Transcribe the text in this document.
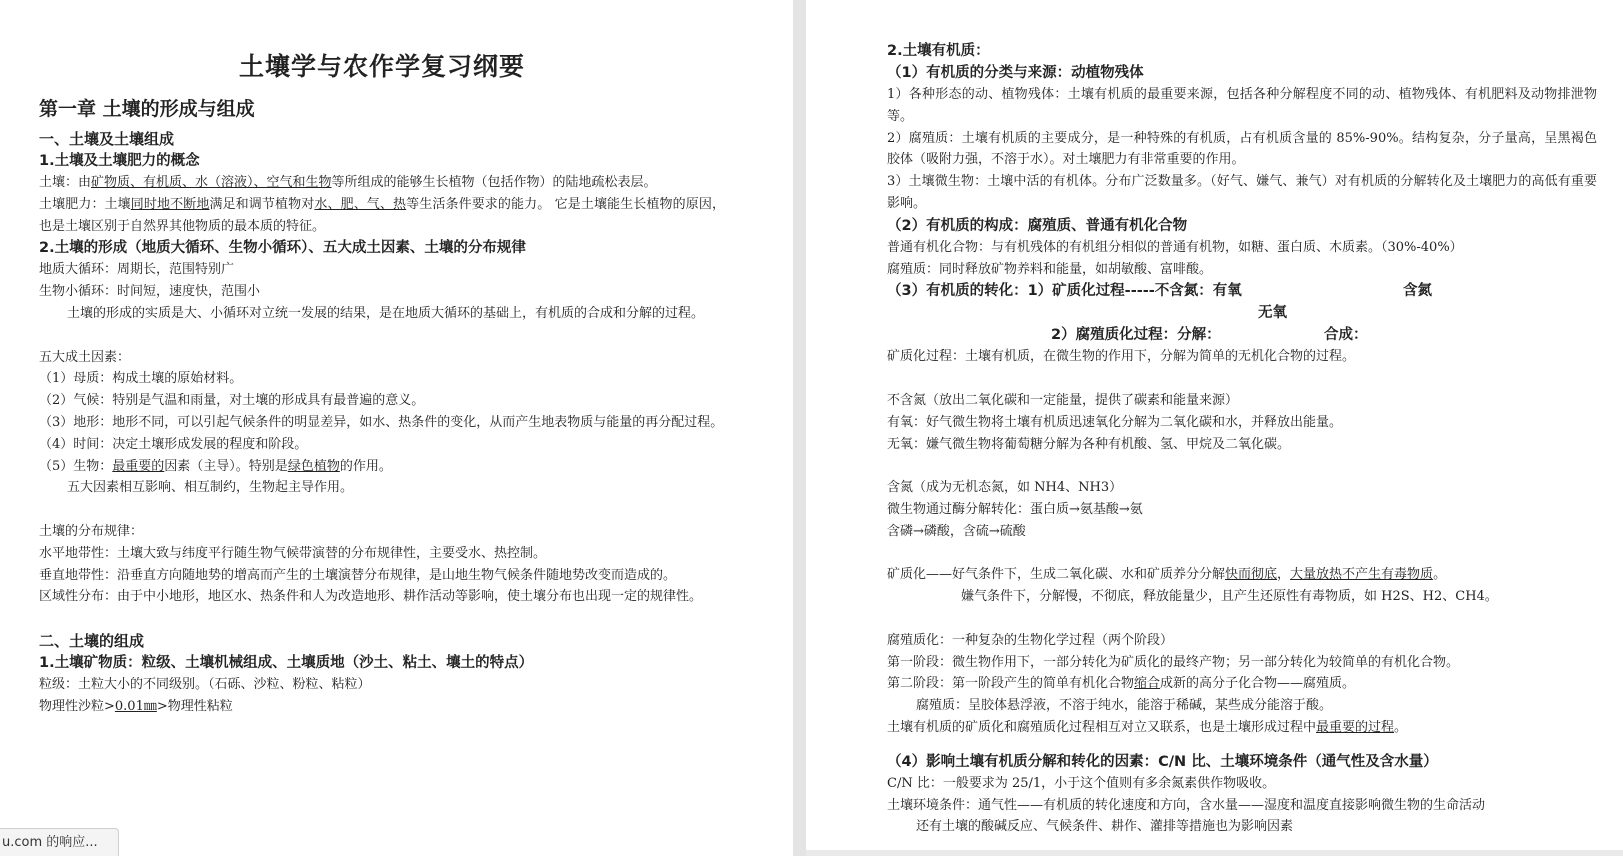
土壤学与农作学复习纲要
第一章 土壤的形成与组成
一、土壤及土壤组成
1.土壤及土壤肥力的概念
土壤：由矿物质、有机质、水（溶液）、空气和生物等所组成的能够生长植物（包括作物）的陆地疏松表层。
土壤肥力：土壤同时地不断地满足和调节植物对水、肥、气、热等生活条件要求的能力。 它是土壤能生长植物的原因，也是土壤区别于自然界其他物质的最本质的特征。
2.土壤的形成（地质大循环、生物小循环）、五大成土因素、土壤的分布规律
地质大循环：周期长，范围特别广
生物小循环：时间短，速度快，范围小
土壤的形成的实质是大、小循环对立统一发展的结果，是在地质大循环的基础上，有机质的合成和分解的过程。
五大成土因素：
（1）母质：构成土壤的原始材料。
（2）气候：特别是气温和雨量，对土壤的形成具有最普遍的意义。
（3）地形：地形不同，可以引起气候条件的明显差异，如水、热条件的变化，从而产生地表物质与能量的再分配过程。
（4）时间：决定土壤形成发展的程度和阶段。
（5）生物：最重要的因素（主导）。特别是绿色植物的作用。
五大因素相互影响、相互制约，生物起主导作用。
土壤的分布规律：
水平地带性：土壤大致与纬度平行随生物气候带演替的分布规律性，主要受水、热控制。
垂直地带性：沿垂直方向随地势的增高而产生的土壤演替分布规律，是山地生物气候条件随地势改变而造成的。
区域性分布：由于中小地形，地区水、热条件和人为改造地形、耕作活动等影响，使土壤分布也出现一定的规律性。
二、土壤的组成
1.土壤矿物质：粒级、土壤机械组成、土壤质地（沙土、粘土、壤土的特点）
粒级：土粒大小的不同级别。（石砾、沙粒、粉粒、粘粒）
物理性沙粒>0.01㎜>物理性粘粒
u.com 的响应...
2.土壤有机质：
（1）有机质的分类与来源：动植物残体
1）各种形态的动、植物残体：土壤有机质的最重要来源，包括各种分解程度不同的动、植物残体、有机肥料及动物排泄物等。
2）腐殖质：土壤有机质的主要成分，是一种特殊的有机质，占有机质含量的 85%-90%。结构复杂，分子量高，呈黑褐色胶体（吸附力强，不溶于水）。对土壤肥力有非常重要的作用。
3）土壤微生物：土壤中活的有机体。分布广泛数量多。（好气、嫌气、兼气）对有机质的分解转化及土壤肥力的高低有重要影响。
（2）有机质的构成：腐殖质、普通有机化合物
普通有机化合物：与有机残体的有机组分相似的普通有机物，如糖、蛋白质、木质素。（30%-40%）
腐殖质：同时释放矿物养料和能量，如胡敏酸、富啡酸。
（3）有机质的转化：1）矿质化过程-----不含氮：有氧	含氮
无氧
2）腐殖质化过程：分解：	合成：
矿质化过程：土壤有机质，在微生物的作用下，分解为简单的无机化合物的过程。
不含氮（放出二氧化碳和一定能量，提供了碳素和能量来源）
有氧：好气微生物将土壤有机质迅速氧化分解为二氧化碳和水，并释放出能量。
无氧：嫌气微生物将葡萄糖分解为各种有机酸、氢、甲烷及二氧化碳。
含氮（成为无机态氮，如 NH4、NH3）
微生物通过酶分解转化：蛋白质→氨基酸→氨
含磷→磷酸，含硫→硫酸
矿质化——好气条件下，生成二氧化碳、水和矿质养分分解快而彻底，大量放热不产生有毒物质。
嫌气条件下，分解慢，不彻底，释放能量少，且产生还原性有毒物质，如 H2S、H2、CH4。
腐殖质化：一种复杂的生物化学过程（两个阶段）
第一阶段：微生物作用下，一部分转化为矿质化的最终产物；另一部分转化为较简单的有机化合物。
第二阶段：第一阶段产生的简单有机化合物缩合成新的高分子化合物——腐殖质。
腐殖质：呈胶体悬浮液，不溶于纯水，能溶于稀碱，某些成分能溶于酸。
土壤有机质的矿质化和腐殖质化过程相互对立又联系，也是土壤形成过程中最重要的过程。
（4）影响土壤有机质分解和转化的因素：C/N 比、土壤环境条件（通气性及含水量）
C/N 比：一般要求为 25/1，小于这个值则有多余氮素供作物吸收。
土壤环境条件：通气性——有机质的转化速度和方向，含水量——湿度和温度直接影响微生物的生命活动
还有土壤的酸碱反应、气候条件、耕作、灌排等措施也为影响因素
